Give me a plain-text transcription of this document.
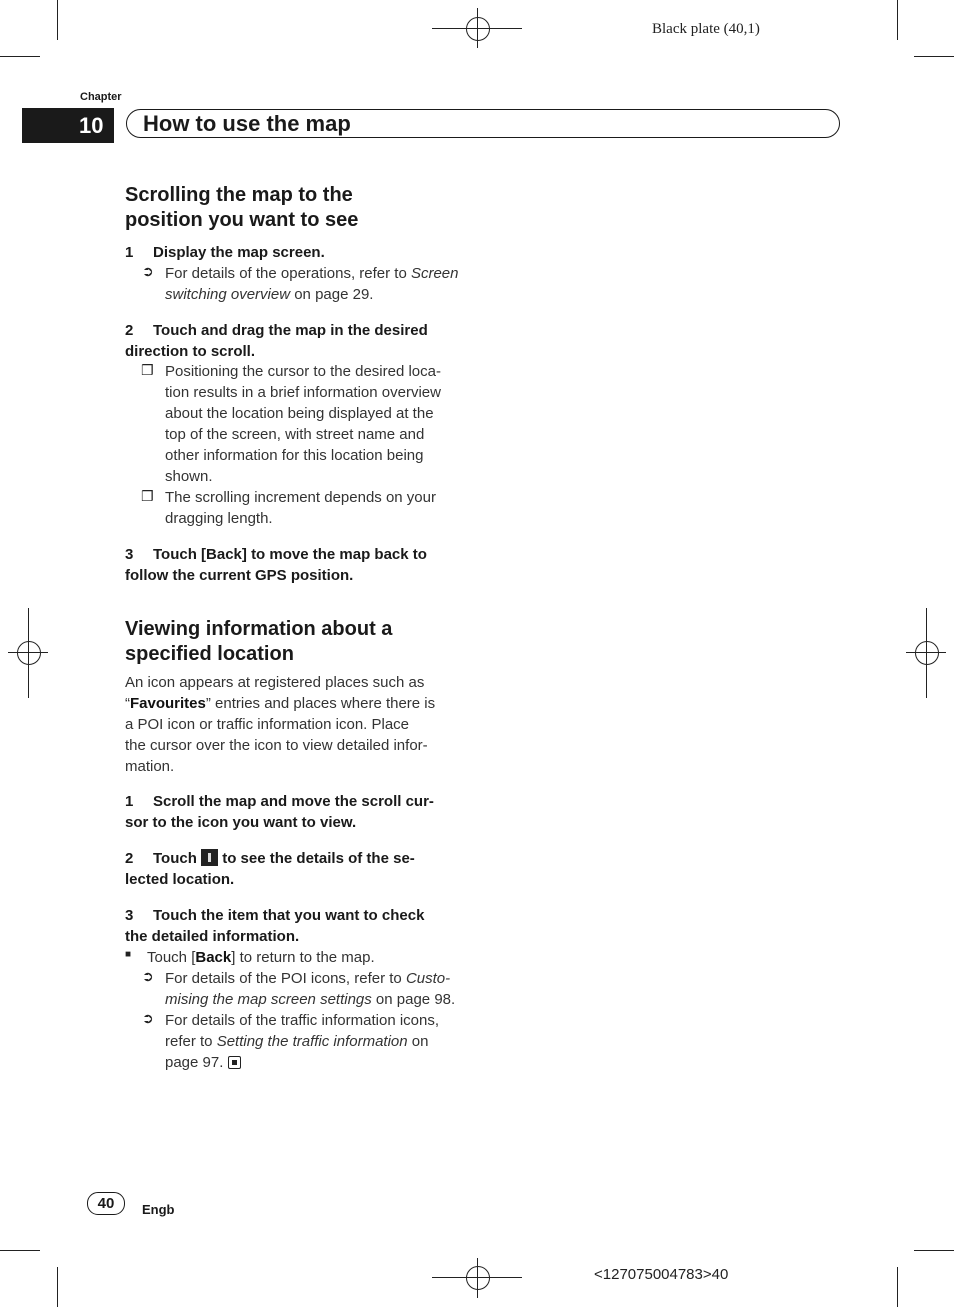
Black plate (40,1)
Chapter
10	How to use the map
Scrolling the map to the
position you want to see
1 Display the map screen.
➲ For details of the operations, refer to Screen
switching overview on page 29.
2 Touch and drag the map in the desired
direction to scroll.
❒ Positioning the cursor to the desired loca-
tion results in a brief information overview
about the location being displayed at the
top of the screen, with street name and
other information for this location being
shown.
❒ The scrolling increment depends on your
dragging length.
3 Touch [Back] to move the map back to
follow the current GPS position.
Viewing information about a
specified location
An icon appears at registered places such as
“Favourites” entries and places where there is
a POI icon or traffic information icon. Place
the cursor over the icon to view detailed infor-
mation.
1 Scroll the map and move the scroll cur-
sor to the icon you want to view.
2 Touch  to see the details of the se-
lected location.
3 Touch the item that you want to check
the detailed information.
■ Touch [Back] to return to the map.
➲ For details of the POI icons, refer to Custo-
mising the map screen settings on page 98.
➲ For details of the traffic information icons,
refer to Setting the traffic information on
page 97.
40	Engb
<127075004783>40
